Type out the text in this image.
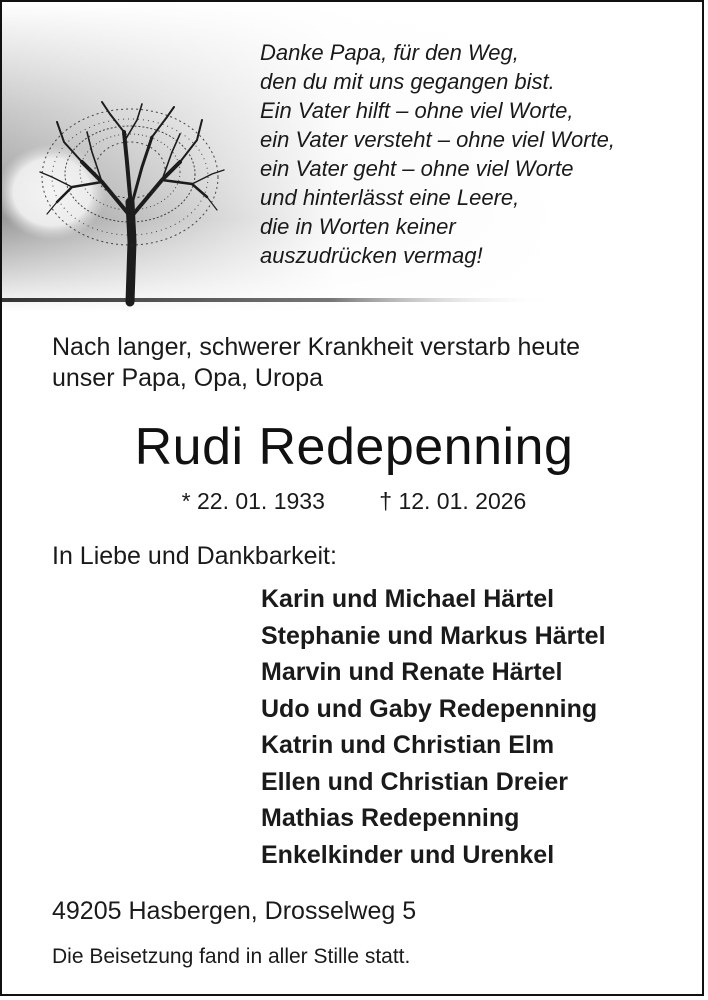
Danke Papa, für den Weg,
den du mit uns gegangen bist.
Ein Vater hilft – ohne viel Worte,
ein Vater versteht – ohne viel Worte,
ein Vater geht – ohne viel Worte
und hinterlässt eine Leere,
die in Worten keiner
auszudrücken vermag!
Nach langer, schwerer Krankheit verstarb heute
unser Papa, Opa, Uropa
Rudi Redepenning
* 22. 01. 1933 † 12. 01. 2026
In Liebe und Dankbarkeit:
Karin und Michael Härtel
Stephanie und Markus Härtel
Marvin und Renate Härtel
Udo und Gaby Redepenning
Katrin und Christian Elm
Ellen und Christian Dreier
Mathias Redepenning
Enkelkinder und Urenkel
49205 Hasbergen, Drosselweg 5
Die Beisetzung fand in aller Stille statt.
